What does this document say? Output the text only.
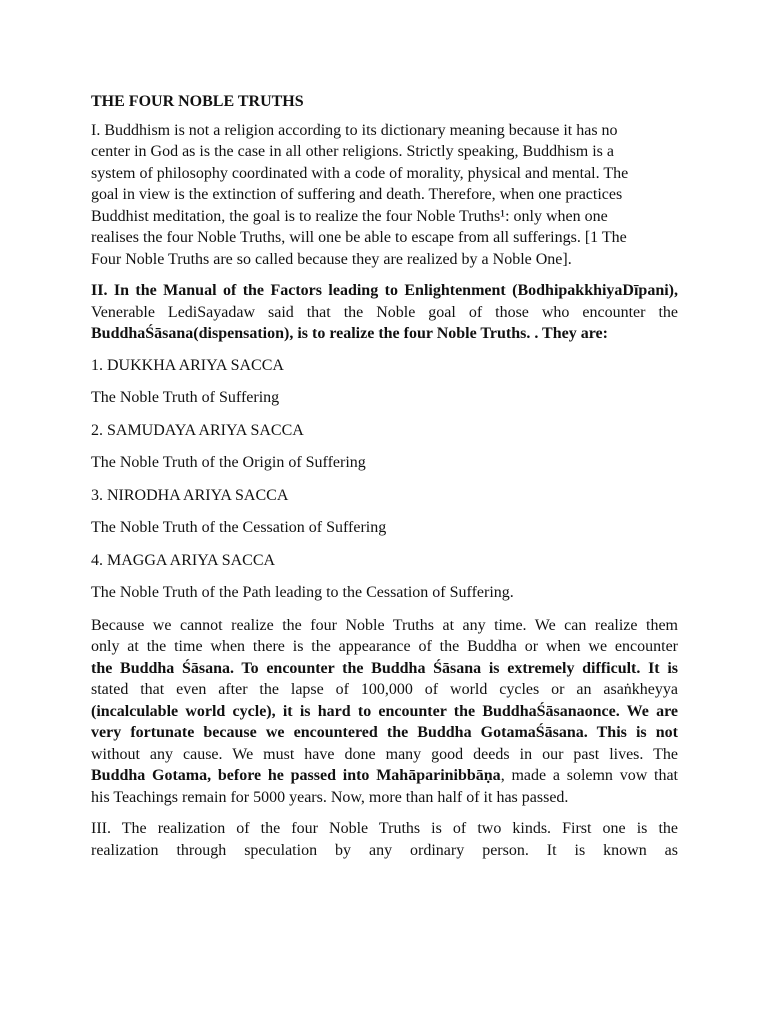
THE FOUR NOBLE TRUTHS
I. Buddhism is not a religion according to its dictionary meaning because it has no
center in God as is the case in all other religions. Strictly speaking, Buddhism is a
system of philosophy coordinated with a code of morality, physical and mental. The
goal in view is the extinction of suffering and death. Therefore, when one practices
Buddhist meditation, the goal is to realize the four Noble Truths¹: only when one
realises the four Noble Truths, will one be able to escape from all sufferings. [1 The
Four Noble Truths are so called because they are realized by a Noble One].
II. In the Manual of the Factors leading to Enlightenment (BodhipakkhiyaDīpani),
Venerable LediSayadaw said that the Noble goal of those who encounter the
BuddhaŚāsana(dispensation), is to realize the four Noble Truths. . They are:
1. DUKKHA ARIYA SACCA
The Noble Truth of Suffering
2. SAMUDAYA ARIYA SACCA
The Noble Truth of the Origin of Suffering
3. NIRODHA ARIYA SACCA
The Noble Truth of the Cessation of Suffering
4. MAGGA ARIYA SACCA
The Noble Truth of the Path leading to the Cessation of Suffering.
Because we cannot realize the four Noble Truths at any time. We can realize them
only at the time when there is the appearance of the Buddha or when we encounter
the Buddha Śāsana. To encounter the Buddha Śāsana is extremely difficult. It is
stated that even after the lapse of 100,000 of world cycles or an asaṅkheyya
(incalculable world cycle), it is hard to encounter the BuddhaŚāsanaonce. We are
very fortunate because we encountered the Buddha GotamaŚāsana. This is not
without any cause. We must have done many good deeds in our past lives. The
Buddha Gotama, before he passed into Mahāparinibbāṇa, made a solemn vow that
his Teachings remain for 5000 years. Now, more than half of it has passed.
III. The realization of the four Noble Truths is of two kinds. First one is the
realization through speculation by any ordinary person. It is known as
